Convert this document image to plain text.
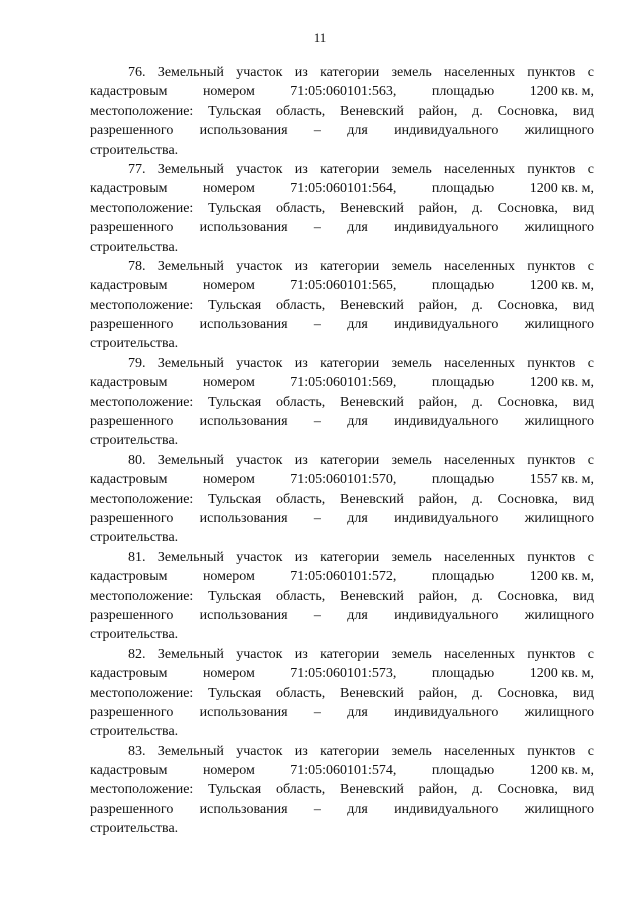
11
76. Земельный участок из категории земель населенных пунктов с
кадастровым	номером	71:05:060101:563,	площадью	1200 кв. м,
местоположение: Тульская область, Веневский район, д. Сосновка, вид
разрешенного использования – для индивидуального жилищного
строительства.
77. Земельный участок из категории земель населенных пунктов с
кадастровым	номером	71:05:060101:564,	площадью	1200 кв. м,
местоположение: Тульская область, Веневский район, д. Сосновка, вид
разрешенного использования – для индивидуального жилищного
строительства.
78. Земельный участок из категории земель населенных пунктов с
кадастровым	номером	71:05:060101:565,	площадью	1200 кв. м,
местоположение: Тульская область, Веневский район, д. Сосновка, вид
разрешенного использования – для индивидуального жилищного
строительства.
79. Земельный участок из категории земель населенных пунктов с
кадастровым	номером	71:05:060101:569,	площадью	1200 кв. м,
местоположение: Тульская область, Веневский район, д. Сосновка, вид
разрешенного использования – для индивидуального жилищного
строительства.
80. Земельный участок из категории земель населенных пунктов с
кадастровым	номером	71:05:060101:570,	площадью	1557 кв. м,
местоположение: Тульская область, Веневский район, д. Сосновка, вид
разрешенного использования – для индивидуального жилищного
строительства.
81. Земельный участок из категории земель населенных пунктов с
кадастровым	номером	71:05:060101:572,	площадью	1200 кв. м,
местоположение: Тульская область, Веневский район, д. Сосновка, вид
разрешенного использования – для индивидуального жилищного
строительства.
82. Земельный участок из категории земель населенных пунктов с
кадастровым	номером	71:05:060101:573,	площадью	1200 кв. м,
местоположение: Тульская область, Веневский район, д. Сосновка, вид
разрешенного использования – для индивидуального жилищного
строительства.
83. Земельный участок из категории земель населенных пунктов с
кадастровым	номером	71:05:060101:574,	площадью	1200 кв. м,
местоположение: Тульская область, Веневский район, д. Сосновка, вид
разрешенного использования – для индивидуального жилищного
строительства.
